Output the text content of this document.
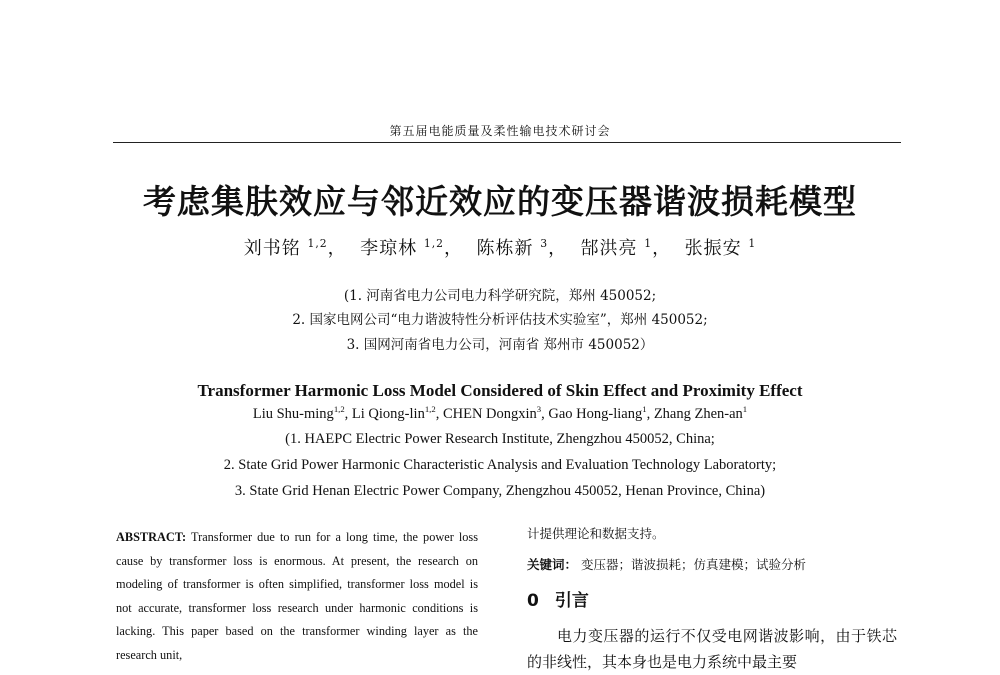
第五届电能质量及柔性输电技术研讨会
考虑集肤效应与邻近效应的变压器谐波损耗模型
刘书铭 $^{1,2}$， 李琼林 $^{1,2}$， 陈栋新 $^3$， 郜洪亮 $^1$， 张振安 $^1$
(1. 河南省电力公司电力科学研究院，郑州 450052;
2. 国家电网公司“电力谐波特性分析评估技术实验室”，郑州 450052;
3. 国网河南省电力公司，河南省 郑州市 450052）
Transformer Harmonic Loss Model Considered of Skin Effect and Proximity Effect
Liu Shu-ming$^{1,2}$, Li Qiong-lin$^{1,2}$, CHEN Dongxin$^3$, Gao Hong-liang$^1$, Zhang Zhen-$an^1$
(1. HAEPC Electric Power Research Institute, Zhengzhou 450052, China;
2. State Grid Power Harmonic Characteristic Analysis and Evaluation Technology Laboratorty;
3. State Grid Henan Electric Power Company, Zhengzhou 450052, Henan Province, China)
ABSTRACT: Transformer due to run for a long time, the power loss cause by transformer loss is enormous. At present, the research on modeling of transformer is often simplified, transformer loss model is not accurate, transformer loss research under harmonic conditions is lacking. This paper based on the transformer winding layer as the research unit,
计提供理论和数据支持。
关键词： 变压器；谐波损耗；仿真建模；试验分析
0 引言
电力变压器的运行不仅受电网谐波影响，由于铁芯的非线性，其本身也是电力系统中最主要
